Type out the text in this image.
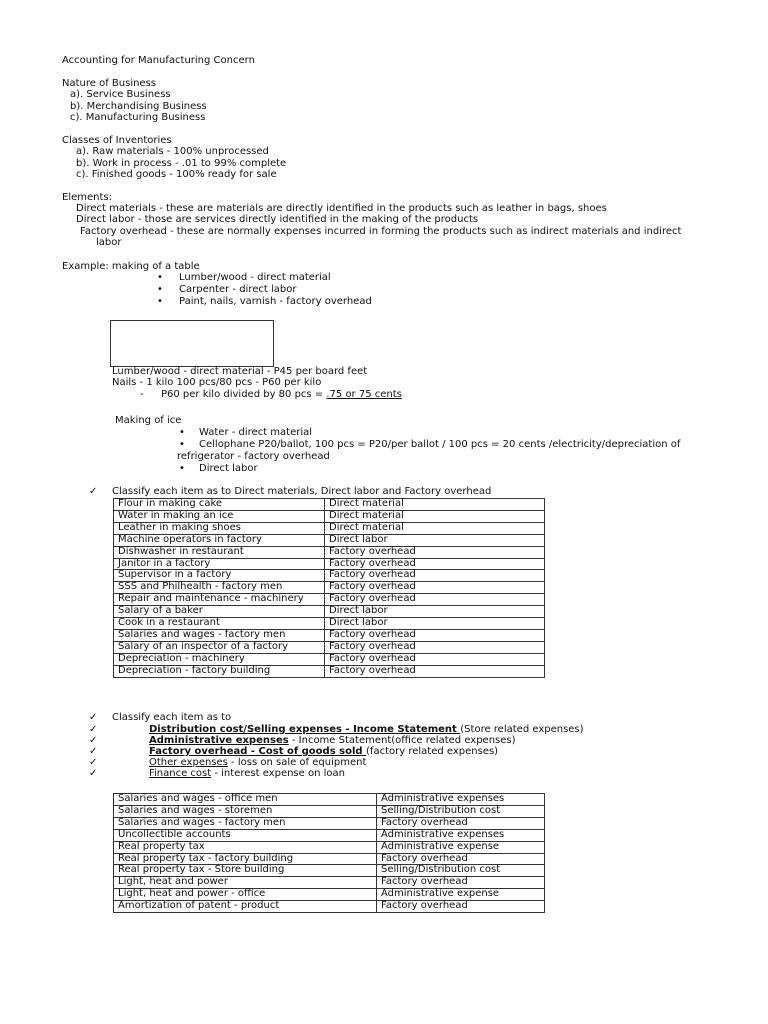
Accounting for Manufacturing Concern
Nature of Business
a). Service Business
b). Merchandising Business
c). Manufacturing Business
Classes of Inventories
a). Raw materials - 100% unprocessed
b). Work in process - .01 to 99% complete
c). Finished goods - 100% ready for sale
Elements:
Direct materials - these are materials are directly identified in the products such as leather in bags, shoes
Direct labor - those are services directly identified in the making of the products
Factory overhead - these are normally expenses incurred in forming the products such as indirect materials and indirect
labor
Example: making of a table
• Lumber/wood - direct material
• Carpenter - direct labor
• Paint, nails, varnish - factory overhead
Lumber/wood - direct material - P45 per board feet
Nails - 1 kilo 100 pcs/80 pcs - P60 per kilo
- P60 per kilo divided by 80 pcs = .75 or 75 cents
Making of ice
• Water - direct material
• Cellophane P20/ballot, 100 pcs = P20/per ballot / 100 pcs = 20 cents /electricity/depreciation of
refrigerator - factory overhead
• Direct labor
✓ Classify each item as to Direct materials, Direct labor and Factory overhead
Flour in making cake	Direct material
Water in making an ice	Direct material
Leather in making shoes	Direct material
Machine operators in factory	Direct labor
Dishwasher in restaurant	Factory overhead
Janitor in a factory	Factory overhead
Supervisor in a factory	Factory overhead
SSS and Philhealth - factory men	Factory overhead
Repair and maintenance - machinery	Factory overhead
Salary of a baker	Direct labor
Cook in a restaurant	Direct labor
Salaries and wages - factory men	Factory overhead
Salary of an inspector of a factory	Factory overhead
Depreciation - machinery	Factory overhead
Depreciation - factory building	Factory overhead
✓ Classify each item as to
✓	Distribution cost/Selling expenses - Income Statement (Store related expenses)
✓	Administrative expenses - Income Statement(office related expenses)
✓	Factory overhead - Cost of goods sold (factory related expenses)
✓	Other expenses - loss on sale of equipment
✓	Finance cost - interest expense on loan
Salaries and wages - office men	Administrative expenses
Salaries and wages - storemen	Selling/Distribution cost
Salaries and wages - factory men	Factory overhead
Uncollectible accounts	Administrative expenses
Real property tax	Administrative expense
Real property tax - factory building	Factory overhead
Real property tax - Store building	Selling/Distribution cost
Light, heat and power	Factory overhead
Light, heat and power - office	Administrative expense
Amortization of patent - product	Factory overhead
